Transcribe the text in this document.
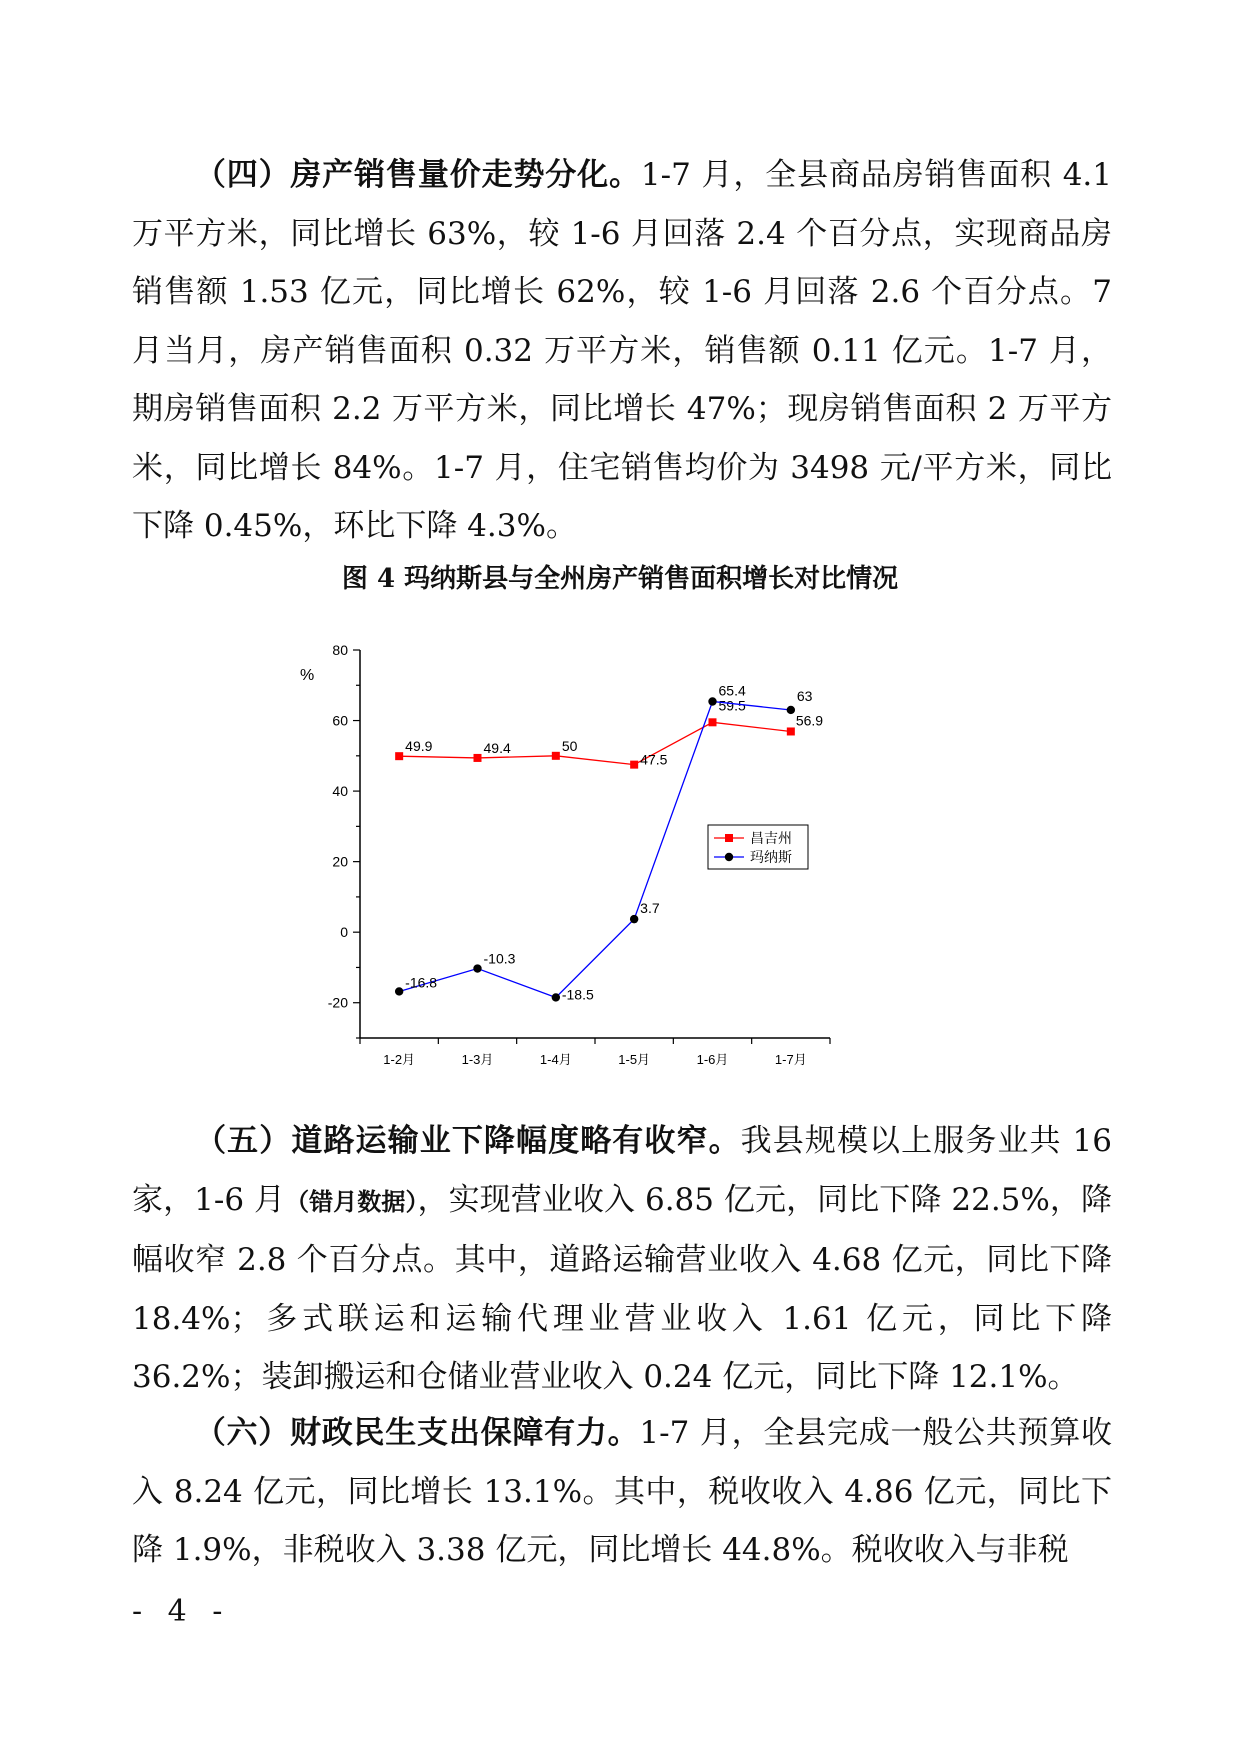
（四）房产销售量价走势分化。1-7 月，全县商品房销售面积 4.1 万平方米，同比增长 63%，较 1-6 月回落 2.4 个百分点，实现商品房销售额 1.53 亿元，同比增长 62%，较 1-6 月回落 2.6 个百分点。7 月当月，房产销售面积 0.32 万平方米，销售额 0.11 亿元。1-7 月，期房销售面积 2.2 万平方米，同比增长 47%；现房销售面积 2 万平方米，同比增长 84%。1-7 月，住宅销售均价为 3498 元/平方米，同比下降 0.45%，环比下降 4.3%。

图 4 玛纳斯县与全州房产销售面积增长对比情况

-20
0
20
40
60
80
%
1-2月	1-3月	1-4月	1-5月	1-6月	1-7月
49.9	49.4	50
47.5
59.5
56.9
-16.8
-10.3
-18.5
3.7
65.4	63
昌吉州
玛纳斯

（五）道路运输业下降幅度略有收窄。我县规模以上服务业共 16 家，1-6 月（错月数据），实现营业收入 6.85 亿元，同比下降 22.5%，降幅收窄 2.8 个百分点。其中，道路运输营业收入 4.68 亿元，同比下降 18.4%；多式联运和运输代理业营业收入 1.61 亿元，同比下降 36.2%；装卸搬运和仓储业营业收入 0.24 亿元，同比下降 12.1%。

（六）财政民生支出保障有力。1-7 月，全县完成一般公共预算收入 8.24 亿元，同比增长 13.1%。其中，税收收入 4.86 亿元，同比下降 1.9%，非税收入 3.38 亿元，同比增长 44.8%。税收收入与非税

- 4 -
